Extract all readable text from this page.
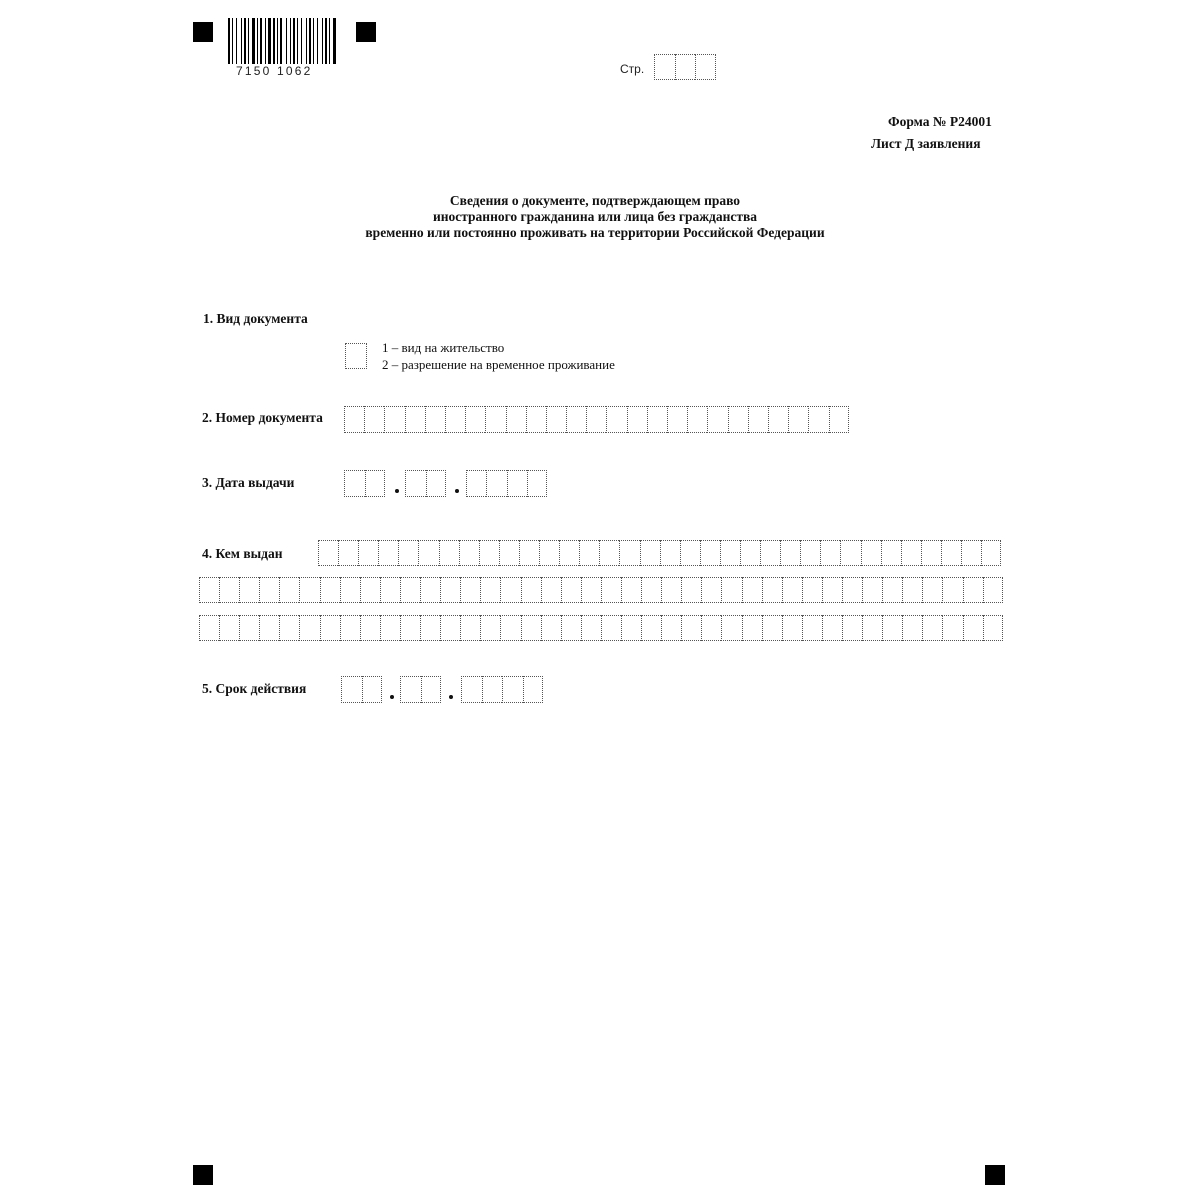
7150 1062	Стр.
Форма № Р24001
Лист Д заявления
Сведения о документе, подтверждающем право
иностранного гражданина или лица без гражданства
временно или постоянно проживать на территории Российской Федерации
1. Вид документа
1 – вид на жительство
2 – разрешение на временное проживание
2. Номер документа
3. Дата выдачи
4. Кем выдан
5. Срок действия
